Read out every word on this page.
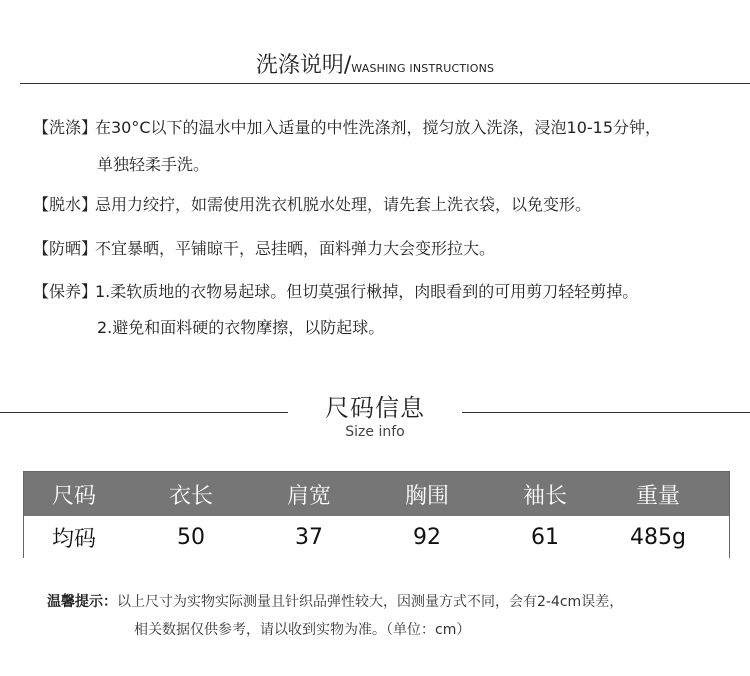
洗涤说明/WASHING INSTRUCTIONS
【洗涤】在30°C以下的温水中加入适量的中性洗涤剂，搅匀放入洗涤，浸泡10-15分钟，
单独轻柔手洗。
【脱水】忌用力绞拧，如需使用洗衣机脱水处理，请先套上洗衣袋，以免变形。
【防晒】不宜暴晒，平铺晾干，忌挂晒，面料弹力大会变形拉大。
【保养】1.柔软质地的衣物易起球。但切莫强行楸掉，肉眼看到的可用剪刀轻轻剪掉。
2.避免和面料硬的衣物摩擦，以防起球。
尺码信息
Size info
尺码	衣长	肩宽	胸围	袖长	重量
均码	50	37	92	61	485g
温馨提示：以上尺寸为实物实际测量且针织品弹性较大，因测量方式不同，会有2-4cm误差，
相关数据仅供参考，请以收到实物为准。（单位：cm）
